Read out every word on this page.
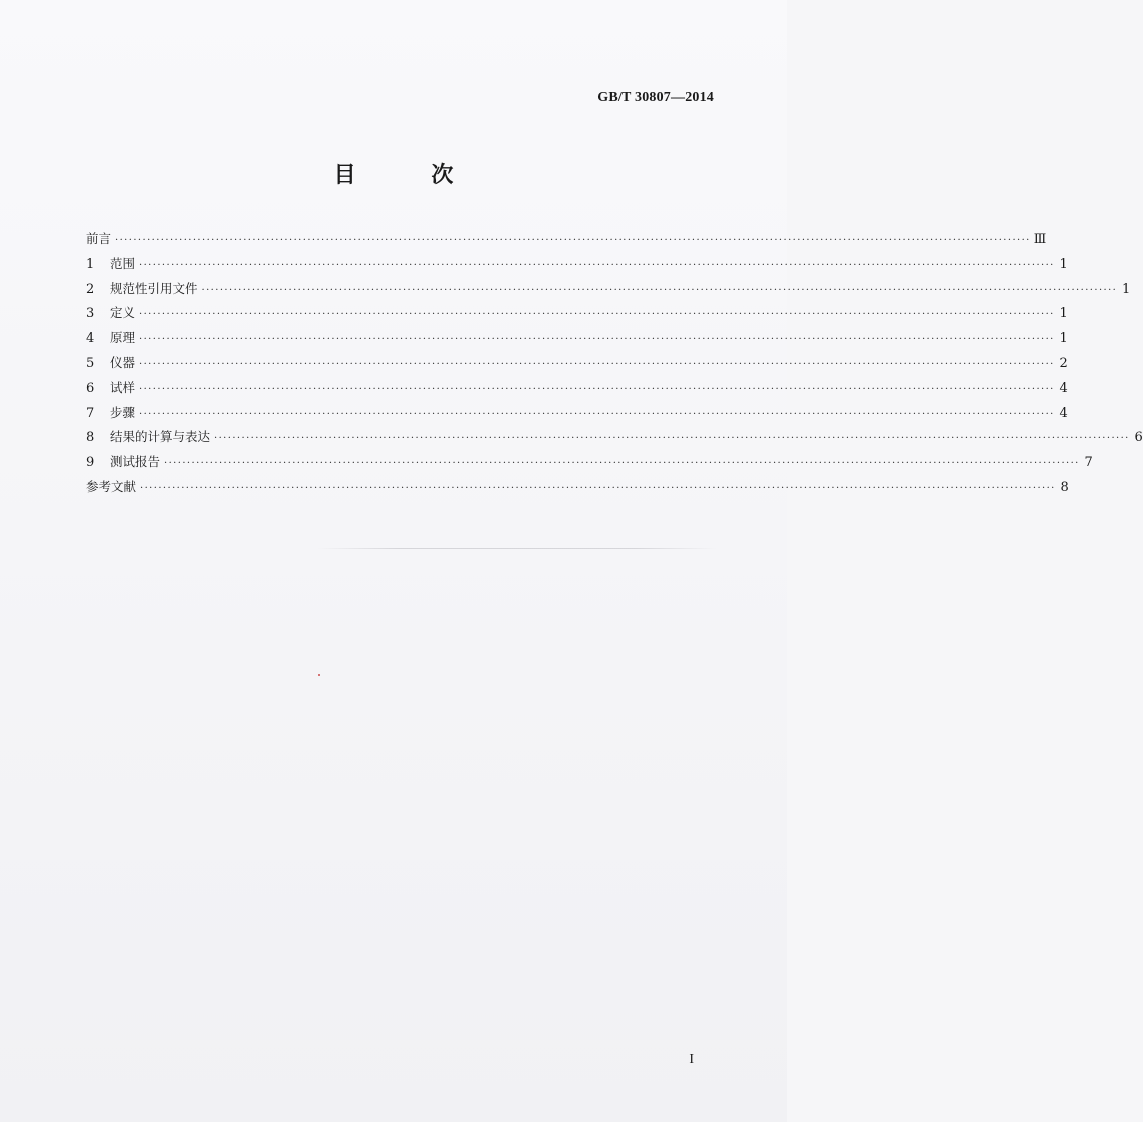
GB/T 30807—2014
目 次
前言 ········································································································································································································ Ⅲ
1	范围 ········································································································································································································ 1
2	规范性引用文件 ········································································································································································································ 1
3	定义 ········································································································································································································ 1
4	原理 ········································································································································································································ 1
5	仪器 ········································································································································································································ 2
6	试样 ········································································································································································································ 4
7	步骤 ········································································································································································································ 4
8	结果的计算与表达 ········································································································································································································ 6
9	测试报告 ········································································································································································································ 7
参考文献 ········································································································································································································ 8
I
